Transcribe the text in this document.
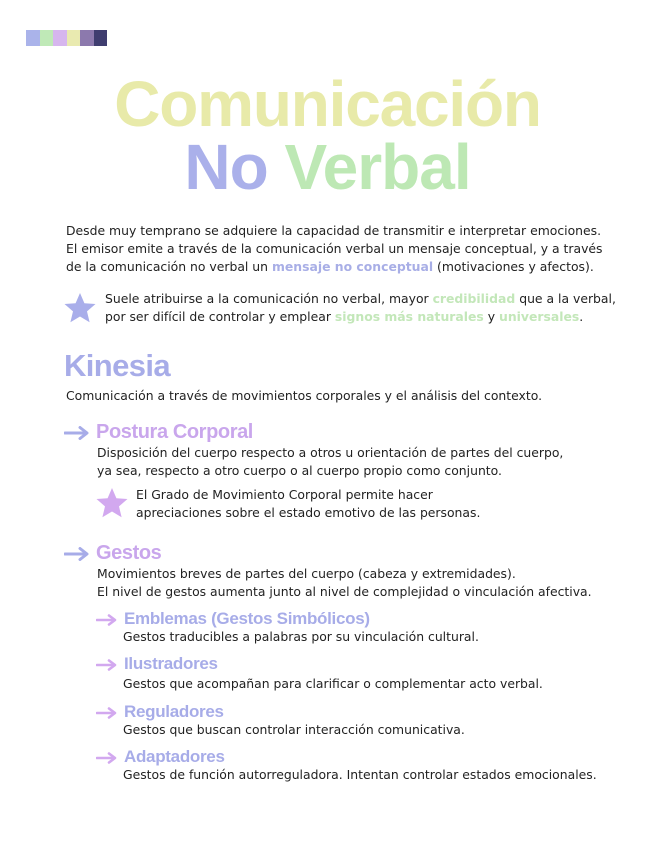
Comunicación
No Verbal
Desde muy temprano se adquiere la capacidad de transmitir e interpretar emociones.
El emisor emite a través de la comunicación verbal un mensaje conceptual, y a través
de la comunicación no verbal un mensaje no conceptual (motivaciones y afectos).
Suele atribuirse a la comunicación no verbal, mayor credibilidad que a la verbal,
por ser difícil de controlar y emplear signos más naturales y universales.
Kinesia
Comunicación a través de movimientos corporales y el análisis del contexto.
Postura Corporal
Disposición del cuerpo respecto a otros u orientación de partes del cuerpo,
ya sea, respecto a otro cuerpo o al cuerpo propio como conjunto.
El Grado de Movimiento Corporal permite hacer
apreciaciones sobre el estado emotivo de las personas.
Gestos
Movimientos breves de partes del cuerpo (cabeza y extremidades).
El nivel de gestos aumenta junto al nivel de complejidad o vinculación afectiva.
Emblemas (Gestos Simbólicos)
Gestos traducibles a palabras por su vinculación cultural.
Ilustradores
Gestos que acompañan para clarificar o complementar acto verbal.
Reguladores
Gestos que buscan controlar interacción comunicativa.
Adaptadores
Gestos de función autorreguladora. Intentan controlar estados emocionales.
